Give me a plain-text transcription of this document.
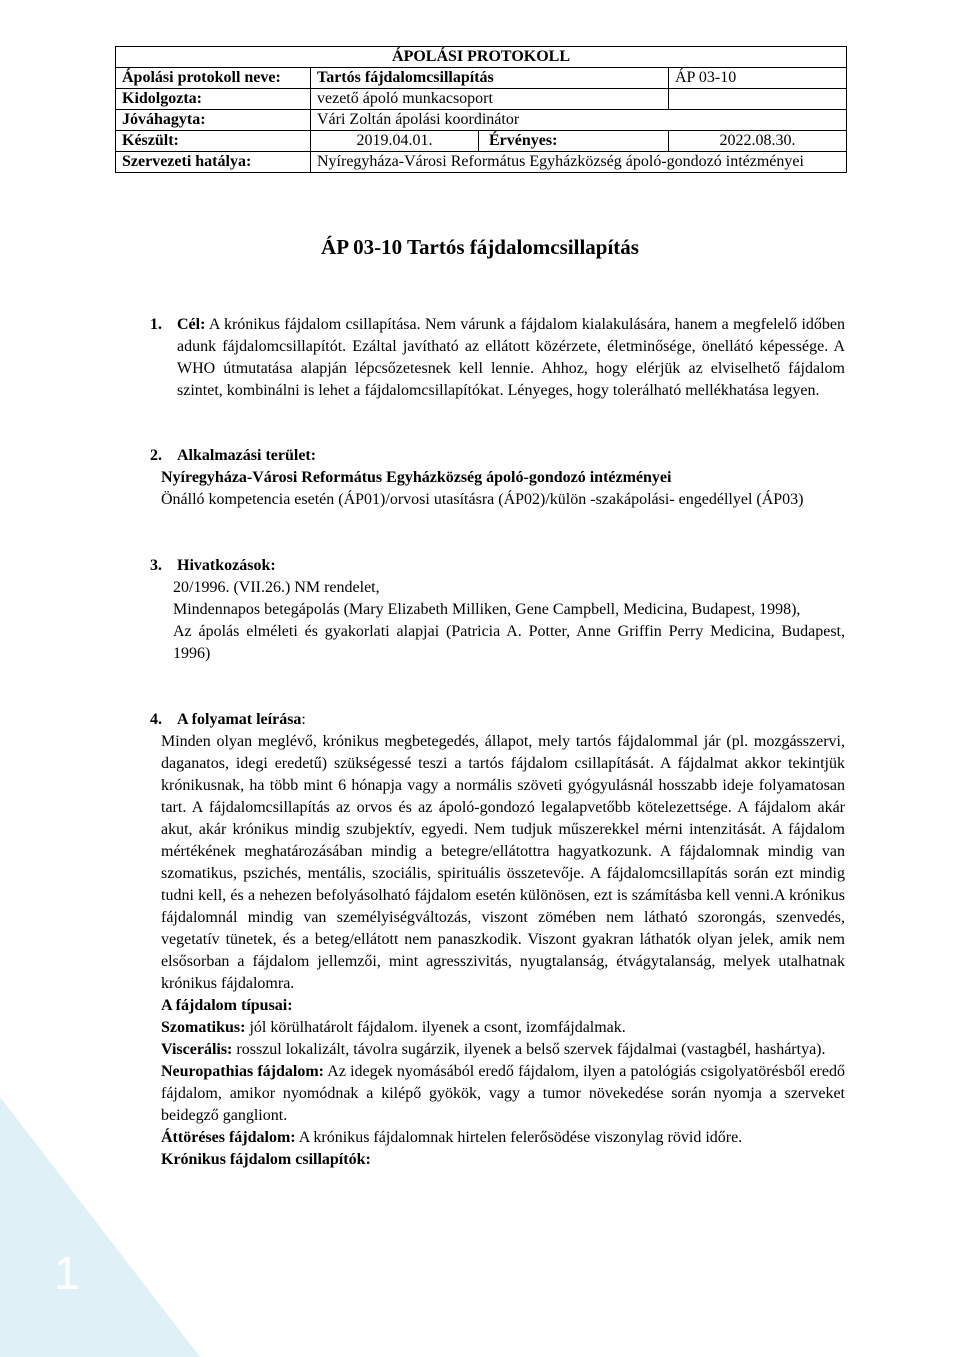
1
ÁPOLÁSI PROTOKOLL			
Ápolási protokoll neve:	Tartós fájdalomcsillapítás		ÁP 03-10
Kidolgozta:	vezető ápoló munkacsoport		
Jóváhagyta:	Vári Zoltán ápolási koordinátor		
Készült:	2019.04.01.	Érvényes:	2022.08.30.
Szervezeti hatálya:	Nyíregyháza-Városi Református Egyházközség ápoló-gondozó intézményei		
ÁP 03-10 Tartós fájdalomcsillapítás
1. Cél: A krónikus fájdalom csillapítása. Nem várunk a fájdalom kialakulására, hanem a megfelelő időben adunk fájdalomcsillapítót. Ezáltal javítható az ellátott közérzete, életminősége, önellátó képessége. A WHO útmutatása alapján lépcsőzetesnek kell lennie. Ahhoz, hogy elérjük az elviselhető fájdalom szintet, kombinálni is lehet a fájdalomcsillapítókat. Lényeges, hogy tolerálható mellékhatása legyen.

2. Alkalmazási terület:

Nyíregyháza-Városi Református Egyházközség ápoló-gondozó intézményei

Önálló kompetencia esetén (ÁP01)/orvosi utasításra (ÁP02)/külön -szakápolási- engedéllyel (ÁP03)

3. Hivatkozások:

20/1996. (VII.26.) NM rendelet,

Mindennapos betegápolás (Mary Elizabeth Milliken, Gene Campbell, Medicina, Budapest, 1998),

Az ápolás elméleti és gyakorlati alapjai (Patricia A. Potter, Anne Griffin Perry Medicina, Budapest, 1996)

4. A folyamat leírása:

Minden olyan meglévő, krónikus megbetegedés, állapot, mely tartós fájdalommal jár (pl. mozgásszervi, daganatos, idegi eredetű) szükségessé teszi a tartós fájdalom csillapítását. A fájdalmat akkor tekintjük krónikusnak, ha több mint 6 hónapja vagy a normális szöveti gyógyulásnál hosszabb ideje folyamatosan tart. A fájdalomcsillapítás az orvos és az ápoló-gondozó legalapvetőbb kötelezettsége. A fájdalom akár akut, akár krónikus mindig szubjektív, egyedi. Nem tudjuk műszerekkel mérni intenzitását. A fájdalom mértékének meghatározásában mindig a betegre/ellátottra hagyatkozunk. A fájdalomnak mindig van szomatikus, pszichés, mentális, szociális, spirituális összetevője. A fájdalomcsillapítás során ezt mindig tudni kell, és a nehezen befolyásolható fájdalom esetén különösen, ezt is számításba kell venni.A krónikus fájdalomnál mindig van személyiségváltozás, viszont zömében nem látható szorongás, szenvedés, vegetatív tünetek, és a beteg/ellátott nem panaszkodik. Viszont gyakran láthatók olyan jelek, amik nem elsősorban a fájdalom jellemzői, mint agresszivitás, nyugtalanság, étvágytalanság, melyek utalhatnak krónikus fájdalomra.

A fájdalom típusai:

Szomatikus: jól körülhatárolt fájdalom. ilyenek a csont, izomfájdalmak.

Viscerális: rosszul lokalizált, távolra sugárzik, ilyenek a belső szervek fájdalmai (vastagbél, hashártya).

Neuropathias fájdalom: Az idegek nyomásából eredő fájdalom, ilyen a patológiás csigolyatörésből eredő fájdalom, amikor nyomódnak a kilépő gyökök, vagy a tumor növekedése során nyomja a szerveket beidegző gangliont.

Áttöréses fájdalom: A krónikus fájdalomnak hirtelen felerősödése viszonylag rövid időre.

Krónikus fájdalom csillapítók:
